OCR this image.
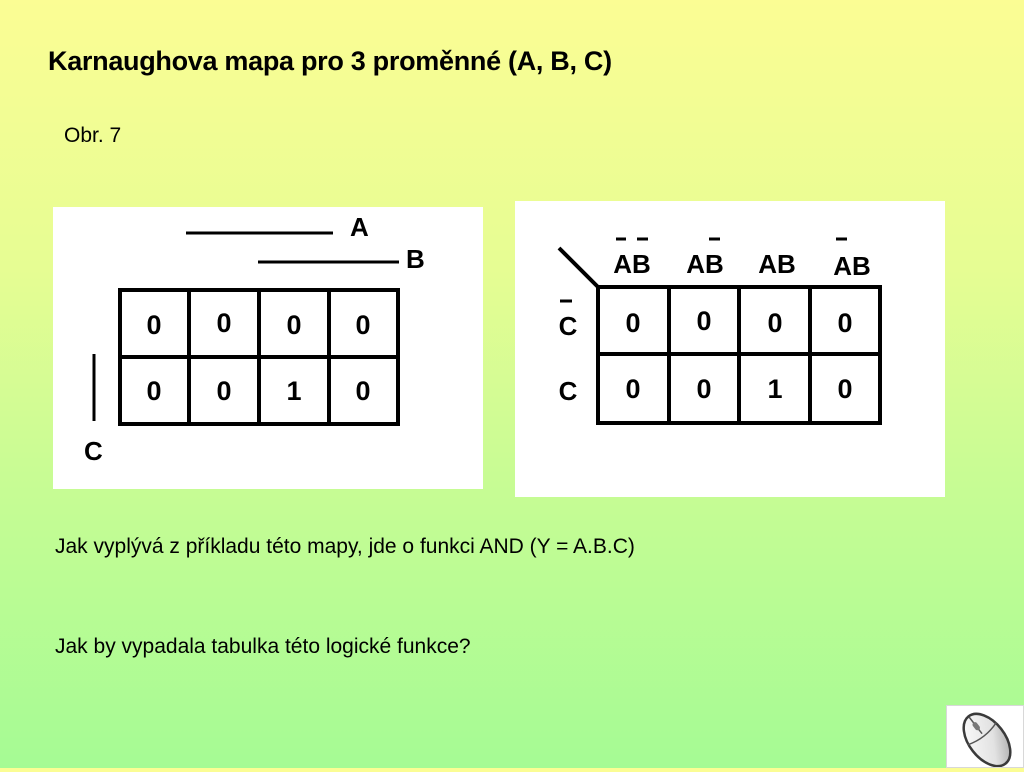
Karnaughova mapa pro 3 proměnné (A, B, C)
Obr. 7
A
B
C
0 0 0 0
0 0 1 0
AB AB AB AB
C
C
0 0 0 0
0 0 1 0
Jak vyplývá z příkladu této mapy, jde o funkci AND (Y = A.B.C)
Jak by vypadala tabulka této logické funkce?
